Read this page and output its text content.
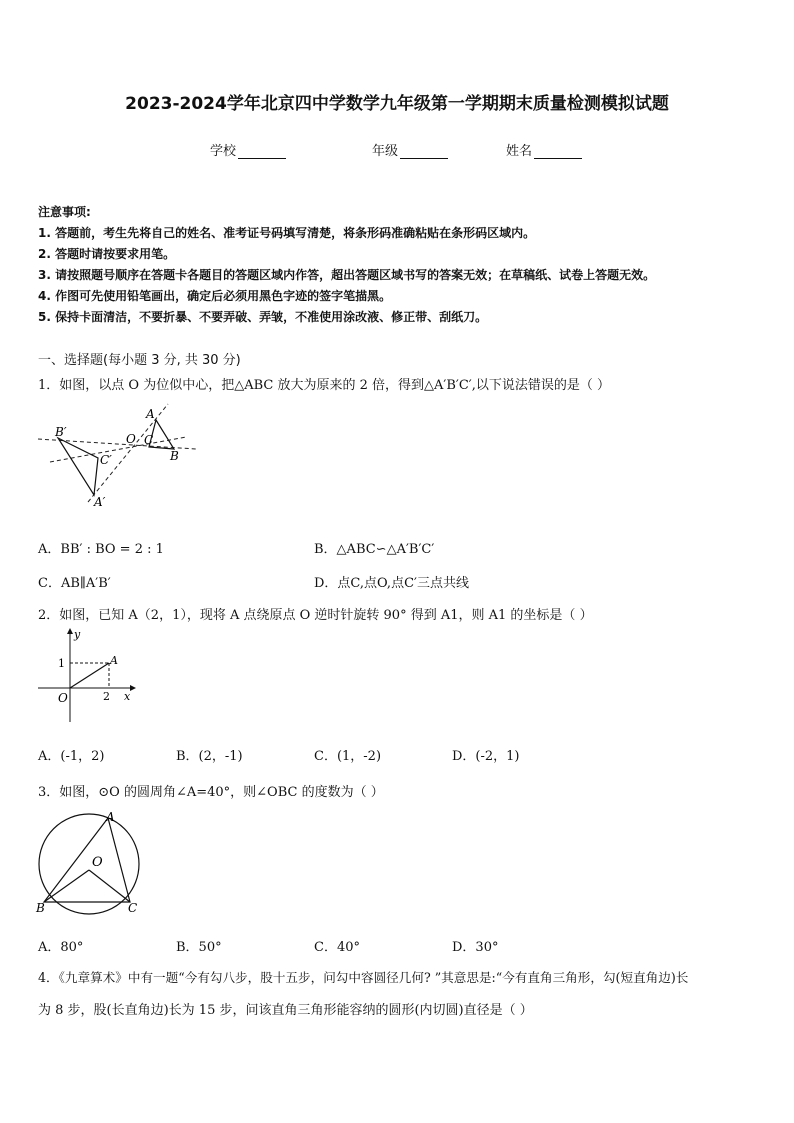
2023-2024学年北京四中学数学九年级第一学期期末质量检测模拟试题
学校	年级	姓名
注意事项:
1. 答题前，考生先将自己的姓名、准考证号码填写清楚，将条形码准确粘贴在条形码区域内。
2. 答题时请按要求用笔。
3. 请按照题号顺序在答题卡各题目的答题区域内作答，超出答题区域书写的答案无效；在草稿纸、试卷上答题无效。
4. 作图可先使用铅笔画出，确定后必须用黑色字迹的签字笔描黑。
5. 保持卡面清洁，不要折暴、不要弄破、弄皱，不准使用涂改液、修正带、刮纸刀。
一、选择题(每小题 3 分, 共 30 分)
1．如图，以点 O 为位似中心，把△ABC 放大为原来的 2 倍，得到△A′B′C′,以下说法错误的是（ ）
B′
C′
A′
O C
A
B
A．BB′ : BO = 2 : 1	B．△ABC∽△A′B′C′
C．AB∥A′B′	D．点C,点O,点C′三点共线
2．如图，已知 A（2，1），现将 A 点绕原点 O 逆时针旋转 90° 得到 A1，则 A1 的坐标是（ ）
y
x
1
2
O
A
A．(-1，2)	B．(2，-1)	C．(1，-2)	D．(-2，1)
3．如图，⊙O 的圆周角∠A=40°，则∠OBC 的度数为（ ）
A
O
B	C
A．80°	B．50°	C．40°	D．30°
4．《九章算术》中有一题“今有勾八步，股十五步，问勾中容圆径几何? ”其意思是:“今有直角三角形，勾(短直角边)长
为 8 步，股(长直角边)长为 15 步，问该直角三角形能容纳的圆形(内切圆)直径是（ ）
